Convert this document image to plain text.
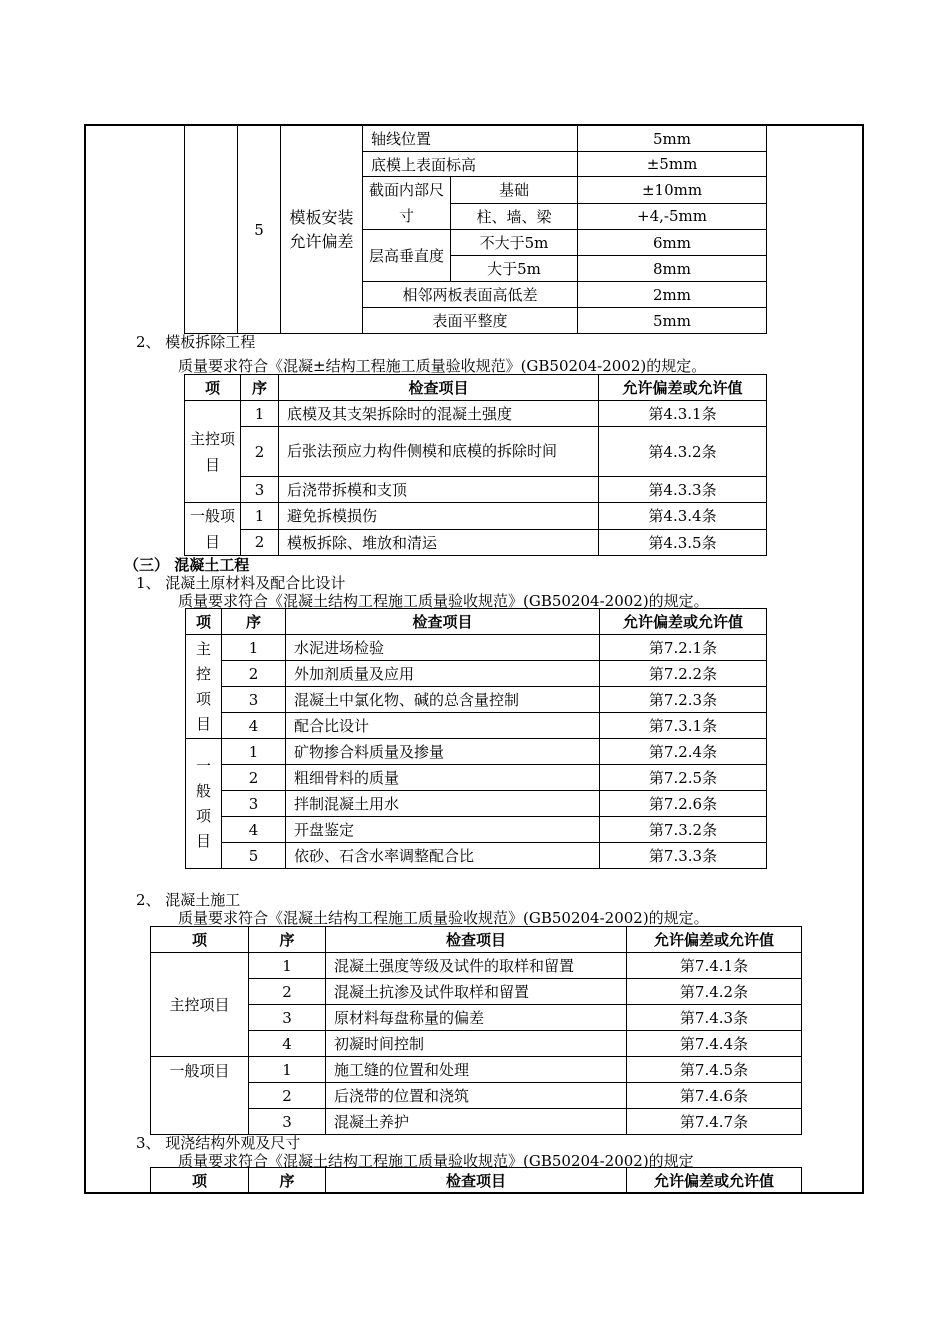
	5	模板安装允许偏差	轴线位置		5mm
			底模上表面标高		±5mm
			截面内部尺寸	基础	±10mm
				柱、墙、梁	+4,-5mm
			层高垂直度	不大于5m	6mm
				大于5m	8mm
			相邻两板表面高低差		2mm
			表面平整度		5mm
2、 模板拆除工程
质量要求符合《混凝±结构工程施工质量验收规范》(GB50204-2002)的规定。
项	序	检查项目	允许偏差或允许值
主控项目	1	底模及其支架拆除时的混凝土强度	第4.3.1条
	2	后张法预应力构件侧模和底模的拆除时间	第4.3.2条
	3	后浇带拆模和支顶	第4.3.3条
一般项目	1	避免拆模损伤	第4.3.4条
	2	模板拆除、堆放和清运	第4.3.5条
（三） 混凝土工程
1、 混凝土原材料及配合比设计
质量要求符合《混凝土结构工程施工质量验收规范》(GB50204-2002)的规定。
项	序	检查项目	允许偏差或允许值
主
控
项
目	1	水泥进场检验	第7.2.1条
	2	外加剂质量及应用	第7.2.2条
	3	混凝土中氯化物、碱的总含量控制	第7.2.3条
	4	配合比设计	第7.3.1条
一
般
项
目	1	矿物掺合料质量及掺量	第7.2.4条
	2	粗细骨料的质量	第7.2.5条
	3	拌制混凝土用水	第7.2.6条
	4	开盘鉴定	第7.3.2条
	5	依砂、石含水率调整配合比	第7.3.3条
2、 混凝土施工
质量要求符合《混凝土结构工程施工质量验收规范》(GB50204-2002)的规定。
项	序	检查项目	允许偏差或允许值
主控项目	1	混凝土强度等级及试件的取样和留置	第7.4.1条
	2	混凝土抗渗及试件取样和留置	第7.4.2条
	3	原材料每盘称量的偏差	第7.4.3条
	4	初凝时间控制	第7.4.4条
一般项目	1	施工缝的位置和处理	第7.4.5条
	2	后浇带的位置和浇筑	第7.4.6条
	3	混凝土养护	第7.4.7条
3、 现浇结构外观及尺寸
质量要求符合《混凝土结构工程施工质量验收规范》(GB50204-2002)的规定
项	序	检查项目	允许偏差或允许值
